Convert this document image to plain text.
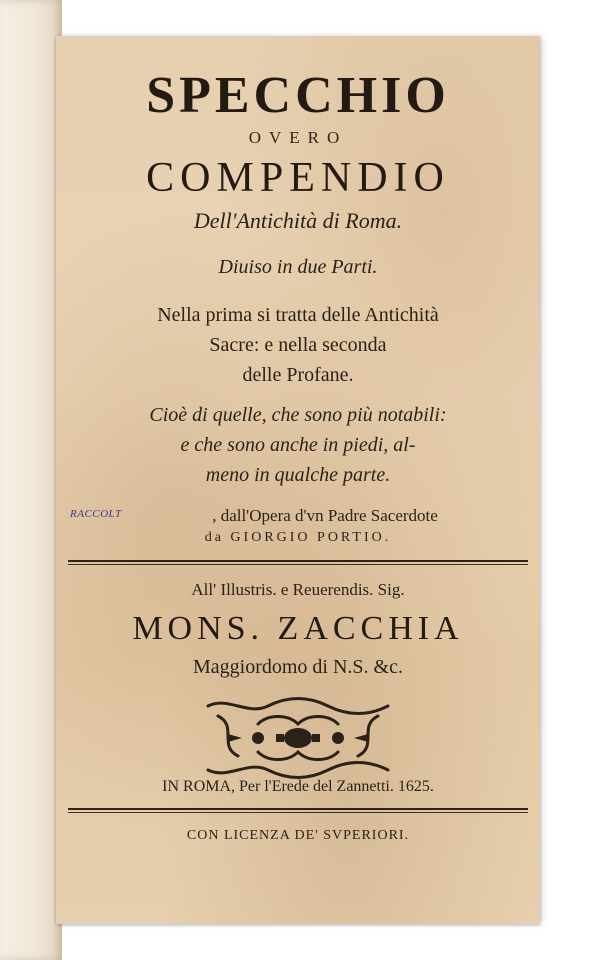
SPECCHIO
OVERO
COMPENDIO
Dell'Antichità di Roma.
Diuiso in due Parti.
Nella prima si tratta delle Antichità
Sacre: e nella seconda
delle Profane.
Cioè di quelle, che sono più notabili:
e che sono anche in piedi, al-
meno in qualche parte.
RACCOLT	, dall'Opera d'vn Padre Sacerdote
da GIORGIO PORTIO.
All' Illustris. e Reuerendis. Sig.
MONS. ZACCHIA
Maggiordomo di N.S. &c.
IN ROMA, Per l'Erede del Zannetti. 1625.
CON LICENZA DE' SVPERIORI.
